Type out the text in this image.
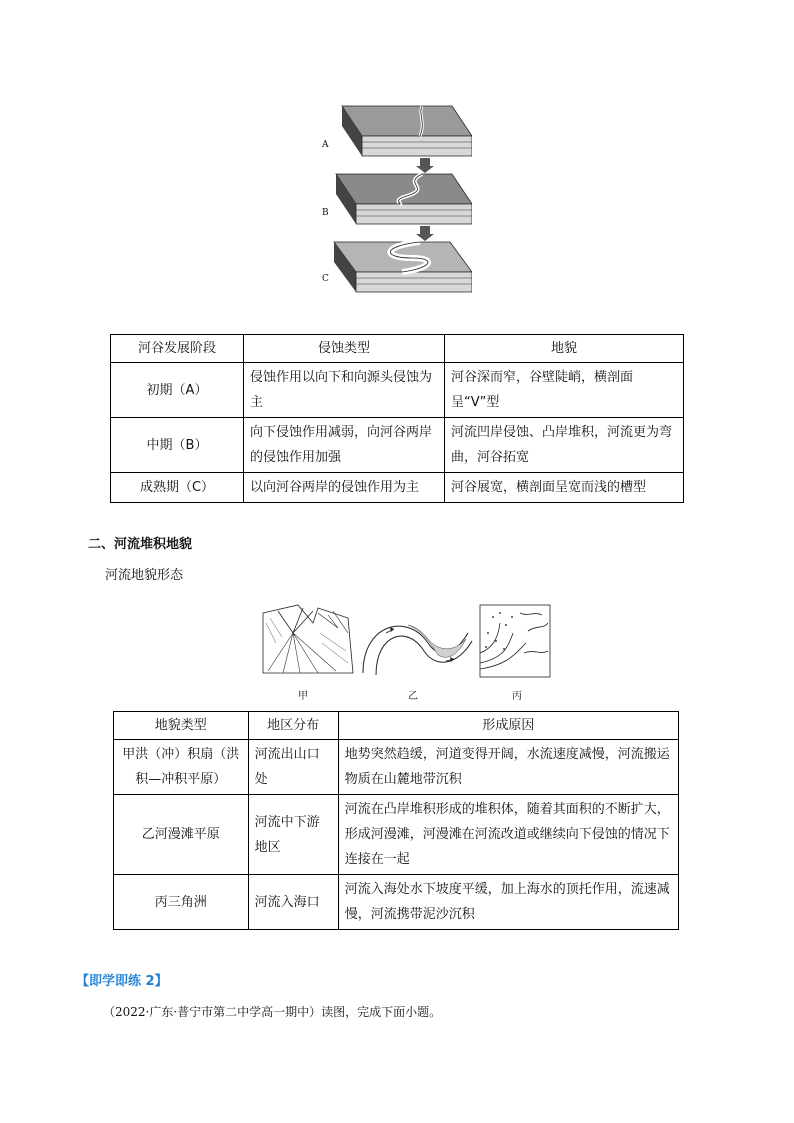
A
B
C
河谷发展阶段	侵蚀类型	地貌
初期（A）	侵蚀作用以向下和向源头侵蚀为主	河谷深而窄，谷壁陡峭，横剖面呈“V”型
中期（B）	向下侵蚀作用减弱，向河谷两岸的侵蚀作用加强	河流凹岸侵蚀、凸岸堆积，河流更为弯曲，河谷拓宽
成熟期（C）	以向河谷两岸的侵蚀作用为主	河谷展宽，横剖面呈宽而浅的槽型
二、河流堆积地貌
河流地貌形态
甲	乙	丙
地貌类型	地区分布	形成原因
甲洪（冲）积扇（洪积—冲积平原）	河流出山口处	地势突然趋缓，河道变得开阔，水流速度减慢，河流搬运物质在山麓地带沉积
乙河漫滩平原	河流中下游地区	河流在凸岸堆积形成的堆积体，随着其面积的不断扩大，形成河漫滩，河漫滩在河流改道或继续向下侵蚀的情况下连接在一起
丙三角洲	河流入海口	河流入海处水下坡度平缓，加上海水的顶托作用，流速减慢，河流携带泥沙沉积
【即学即练 2】
（2022·广东·普宁市第二中学高一期中）读图，完成下面小题。
